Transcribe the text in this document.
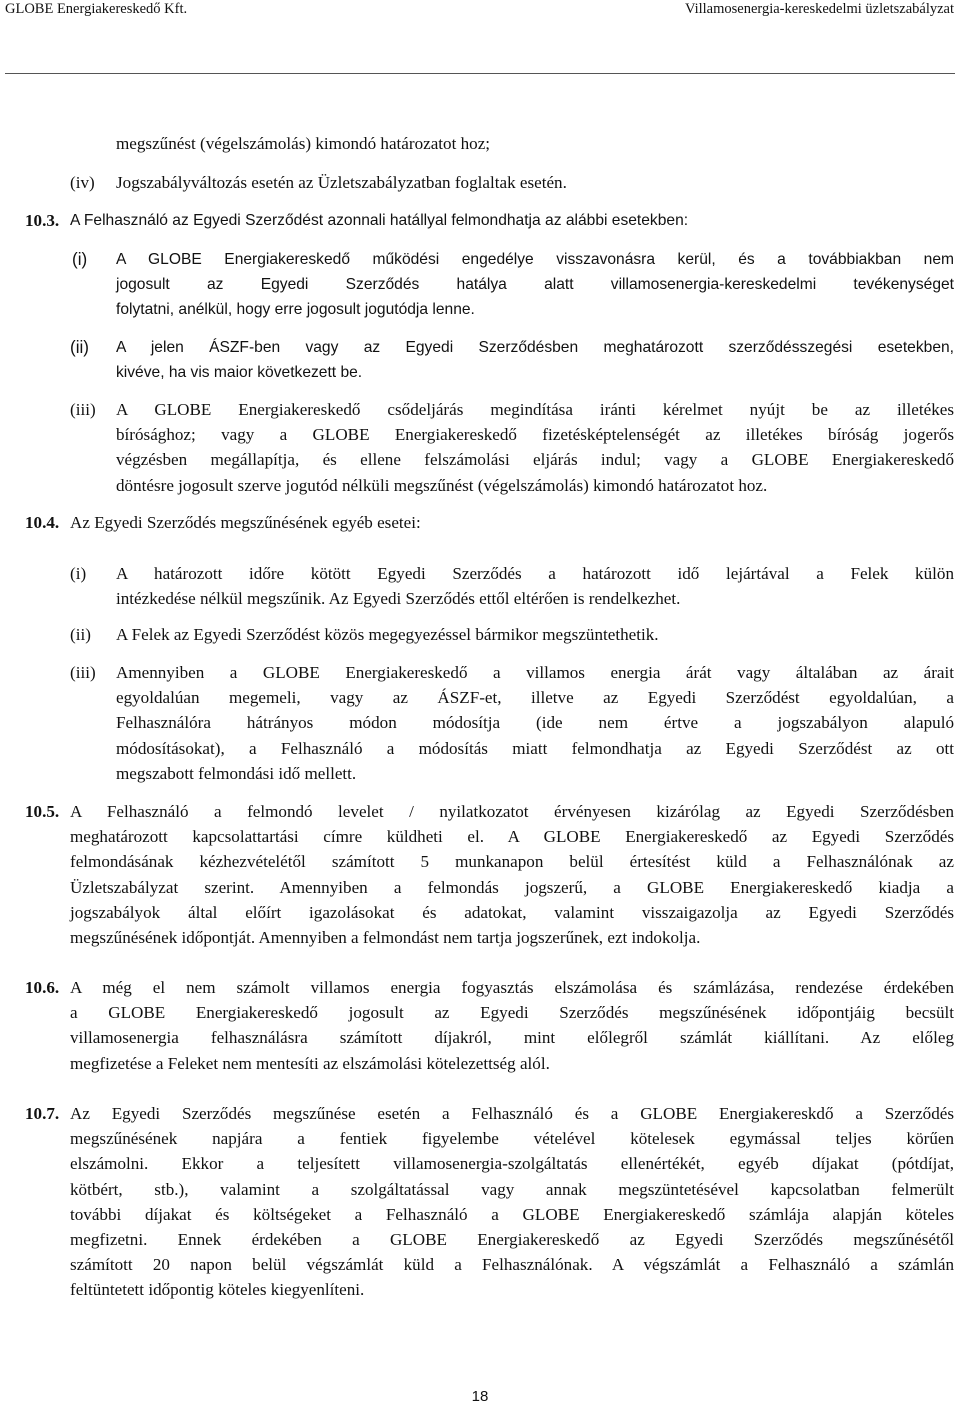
GLOBE Energiakereskedő Kft.	Villamosenergia-kereskedelmi üzletszabályzat
megszűnést (végelszámolás) kimondó határozatot hoz;
(iv) Jogszabályváltozás esetén az Üzletszabályzatban foglaltak esetén.
10.3. A Felhasználó az Egyedi Szerződést azonnali hatállyal felmondhatja az alábbi esetekben:
(i) A GLOBE Energiakereskedő működési engedélye visszavonásra kerül, és a továbbiakban nem
jogosult az Egyedi Szerződés hatálya alatt villamosenergia-kereskedelmi tevékenységet
folytatni, anélkül, hogy erre jogosult jogutódja lenne.
(ii) A jelen ÁSZF-ben vagy az Egyedi Szerződésben meghatározott szerződésszegési esetekben,
kivéve, ha vis maior következett be.
(iii) A GLOBE Energiakereskedő csődeljárás megindítása iránti kérelmet nyújt be az illetékes
bírósághoz; vagy a GLOBE Energiakereskedő fizetésképtelenségét az illetékes bíróság jogerős
végzésben megállapítja, és ellene felszámolási eljárás indul; vagy a GLOBE Energiakereskedő
döntésre jogosult szerve jogutód nélküli megszűnést (végelszámolás) kimondó határozatot hoz.
10.4. Az Egyedi Szerződés megszűnésének egyéb esetei:
(i) A határozott időre kötött Egyedi Szerződés a határozott idő lejártával a Felek külön
intézkedése nélkül megszűnik. Az Egyedi Szerződés ettől eltérően is rendelkezhet.
(ii) A Felek az Egyedi Szerződést közös megegyezéssel bármikor megszüntethetik.
(iii) Amennyiben a GLOBE Energiakereskedő a villamos energia árát vagy általában az árait
egyoldalúan megemeli, vagy az ÁSZF-et, illetve az Egyedi Szerződést egyoldalúan, a
Felhasználóra hátrányos módon módosítja (ide nem értve a jogszabályon alapuló
módosításokat), a Felhasználó a módosítás miatt felmondhatja az Egyedi Szerződést az ott
megszabott felmondási idő mellett.
10.5. A Felhasználó a felmondó levelet / nyilatkozatot érvényesen kizárólag az Egyedi Szerződésben
meghatározott kapcsolattartási címre küldheti el. A GLOBE Energiakereskedő az Egyedi Szerződés
felmondásának kézhezvételétől számított 5 munkanapon belül értesítést küld a Felhasználónak az
Üzletszabályzat szerint. Amennyiben a felmondás jogszerű, a GLOBE Energiakereskedő kiadja a
jogszabályok által előírt igazolásokat és adatokat, valamint visszaigazolja az Egyedi Szerződés
megszűnésének időpontját. Amennyiben a felmondást nem tartja jogszerűnek, ezt indokolja.
10.6. A még el nem számolt villamos energia fogyasztás elszámolása és számlázása, rendezése érdekében
a GLOBE Energiakereskedő jogosult az Egyedi Szerződés megszűnésének időpontjáig becsült
villamosenergia felhasználásra számított díjakról, mint előlegről számlát kiállítani. Az előleg
megfizetése a Feleket nem mentesíti az elszámolási kötelezettség alól.
10.7. Az Egyedi Szerződés megszűnése esetén a Felhasználó és a GLOBE Energiakereskdő a Szerződés
megszűnésének napjára a fentiek figyelembe vételével kötelesek egymással teljes körűen
elszámolni. Ekkor a teljesített villamosenergia-szolgáltatás ellenértékét, egyéb díjakat (pótdíjat,
kötbért, stb.), valamint a szolgáltatással vagy annak megszüntetésével kapcsolatban felmerült
további díjakat és költségeket a Felhasználó a GLOBE Energiakereskedő számlája alapján köteles
megfizetni. Ennek érdekében a GLOBE Energiakereskedő az Egyedi Szerződés megszűnésétől
számított 20 napon belül végszámlát küld a Felhasználónak. A végszámlát a Felhasználó a számlán
feltüntetett időpontig köteles kiegyenlíteni.
18
